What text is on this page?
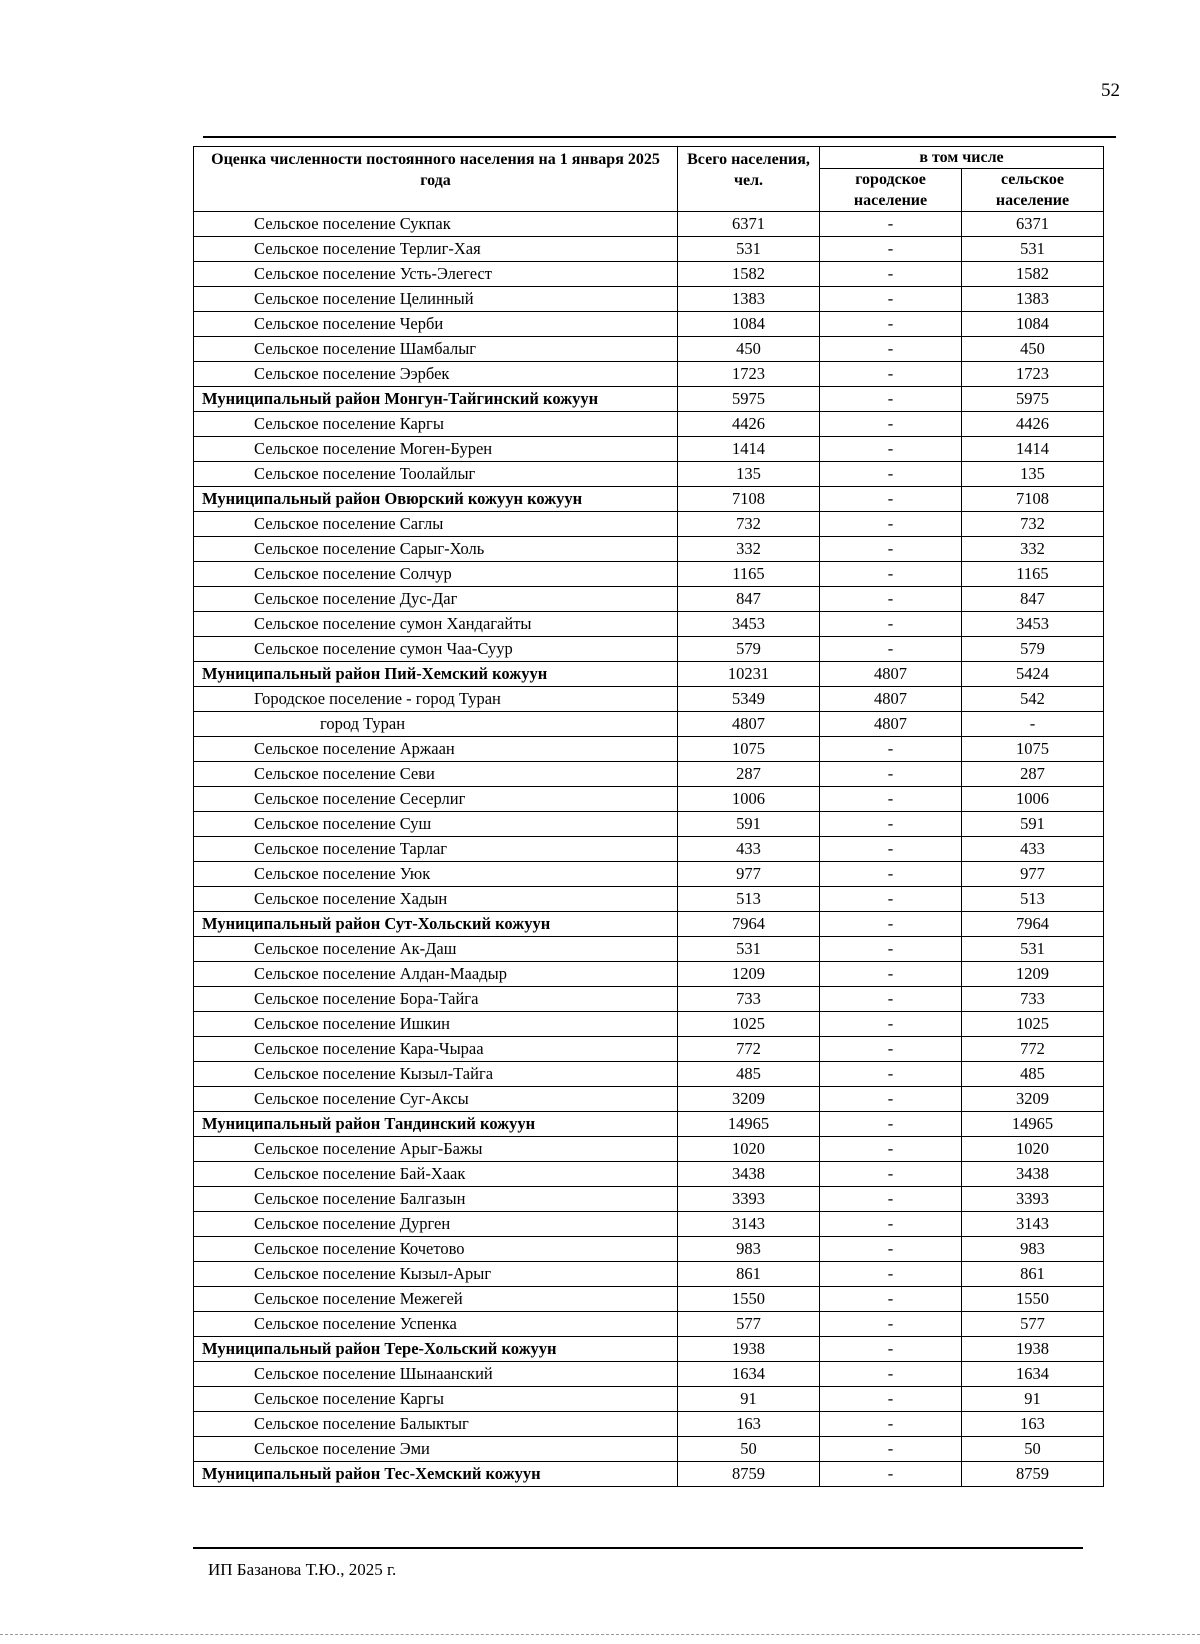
52
Оценка численности постоянного населения на 1 января 2025 года	Всего населения, чел.	в том числе	
		городское население	сельское население
Сельское поселение Сукпак	6371	-	6371
Сельское поселение Терлиг-Хая	531	-	531
Сельское поселение Усть-Элегест	1582	-	1582
Сельское поселение Целинный	1383	-	1383
Сельское поселение Черби	1084	-	1084
Сельское поселение Шамбалыг	450	-	450
Сельское поселение Ээрбек	1723	-	1723
Муниципальный район Монгун-Тайгинский кожуун	5975	-	5975
Сельское поселение Каргы	4426	-	4426
Сельское поселение Моген-Бурен	1414	-	1414
Сельское поселение Тоолайлыг	135	-	135
Муниципальный район Овюрский кожуун кожуун	7108	-	7108
Сельское поселение Саглы	732	-	732
Сельское поселение Сарыг-Холь	332	-	332
Сельское поселение Солчур	1165	-	1165
Сельское поселение Дус-Даг	847	-	847
Сельское поселение сумон Хандагайты	3453	-	3453
Сельское поселение сумон Чаа-Суур	579	-	579
Муниципальный район Пий-Хемский кожуун	10231	4807	5424
Городское поселение - город Туран	5349	4807	542
город Туран	4807	4807	-
Сельское поселение Аржаан	1075	-	1075
Сельское поселение Севи	287	-	287
Сельское поселение Сесерлиг	1006	-	1006
Сельское поселение Суш	591	-	591
Сельское поселение Тарлаг	433	-	433
Сельское поселение Уюк	977	-	977
Сельское поселение Хадын	513	-	513
Муниципальный район Сут-Хольский кожуун	7964	-	7964
Сельское поселение Ак-Даш	531	-	531
Сельское поселение Алдан-Маадыр	1209	-	1209
Сельское поселение Бора-Тайга	733	-	733
Сельское поселение Ишкин	1025	-	1025
Сельское поселение Кара-Чыраа	772	-	772
Сельское поселение Кызыл-Тайга	485	-	485
Сельское поселение Суг-Аксы	3209	-	3209
Муниципальный район Тандинский кожуун	14965	-	14965
Сельское поселение Арыг-Бажы	1020	-	1020
Сельское поселение Бай-Хаак	3438	-	3438
Сельское поселение Балгазын	3393	-	3393
Сельское поселение Дурген	3143	-	3143
Сельское поселение Кочетово	983	-	983
Сельское поселение Кызыл-Арыг	861	-	861
Сельское поселение Межегей	1550	-	1550
Сельское поселение Успенка	577	-	577
Муниципальный район Тере-Хольский кожуун	1938	-	1938
Сельское поселение Шынаанский	1634	-	1634
Сельское поселение Каргы	91	-	91
Сельское поселение Балыктыг	163	-	163
Сельское поселение Эми	50	-	50
Муниципальный район Тес-Хемский кожуун	8759	-	8759
ИП Базанова Т.Ю., 2025 г.
